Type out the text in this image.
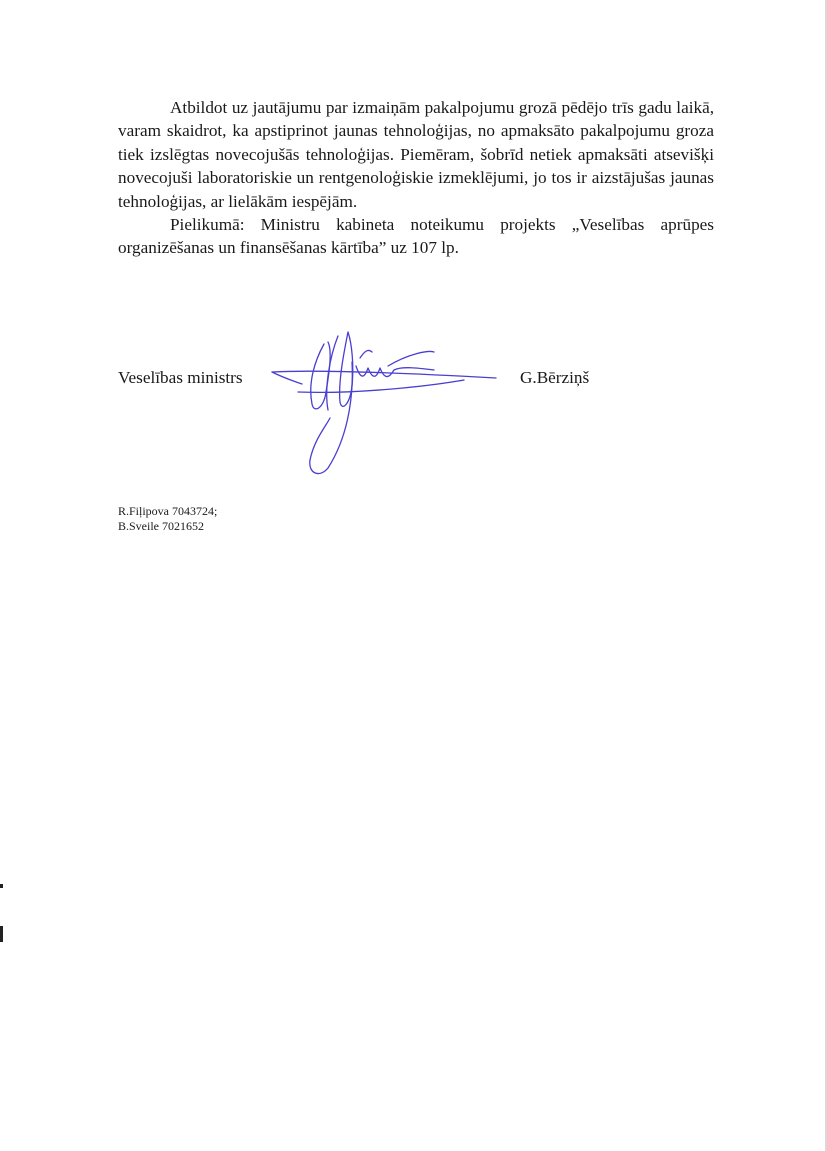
Atbildot uz jautājumu par izmaiņām pakalpojumu grozā pēdējo trīs gadu laikā, varam skaidrot, ka apstiprinot jaunas tehnoloģijas, no apmaksāto pakalpojumu groza tiek izslēgtas novecojušās tehnoloģijas. Piemēram, šobrīd netiek apmaksāti atsevišķi novecojuši laboratoriskie un rentgenoloģiskie izmeklējumi, jo tos ir aizstājušas jaunas tehnoloģijas, ar lielākām iespējām.

Pielikumā: Ministru kabineta noteikumu projekts „Veselības aprūpes organizēšanas un finansēšanas kārtība” uz 107 lp.

Veselības ministrs	G.Bērziņš
R.Fiļipova 7043724;
B.Sveile 7021652
